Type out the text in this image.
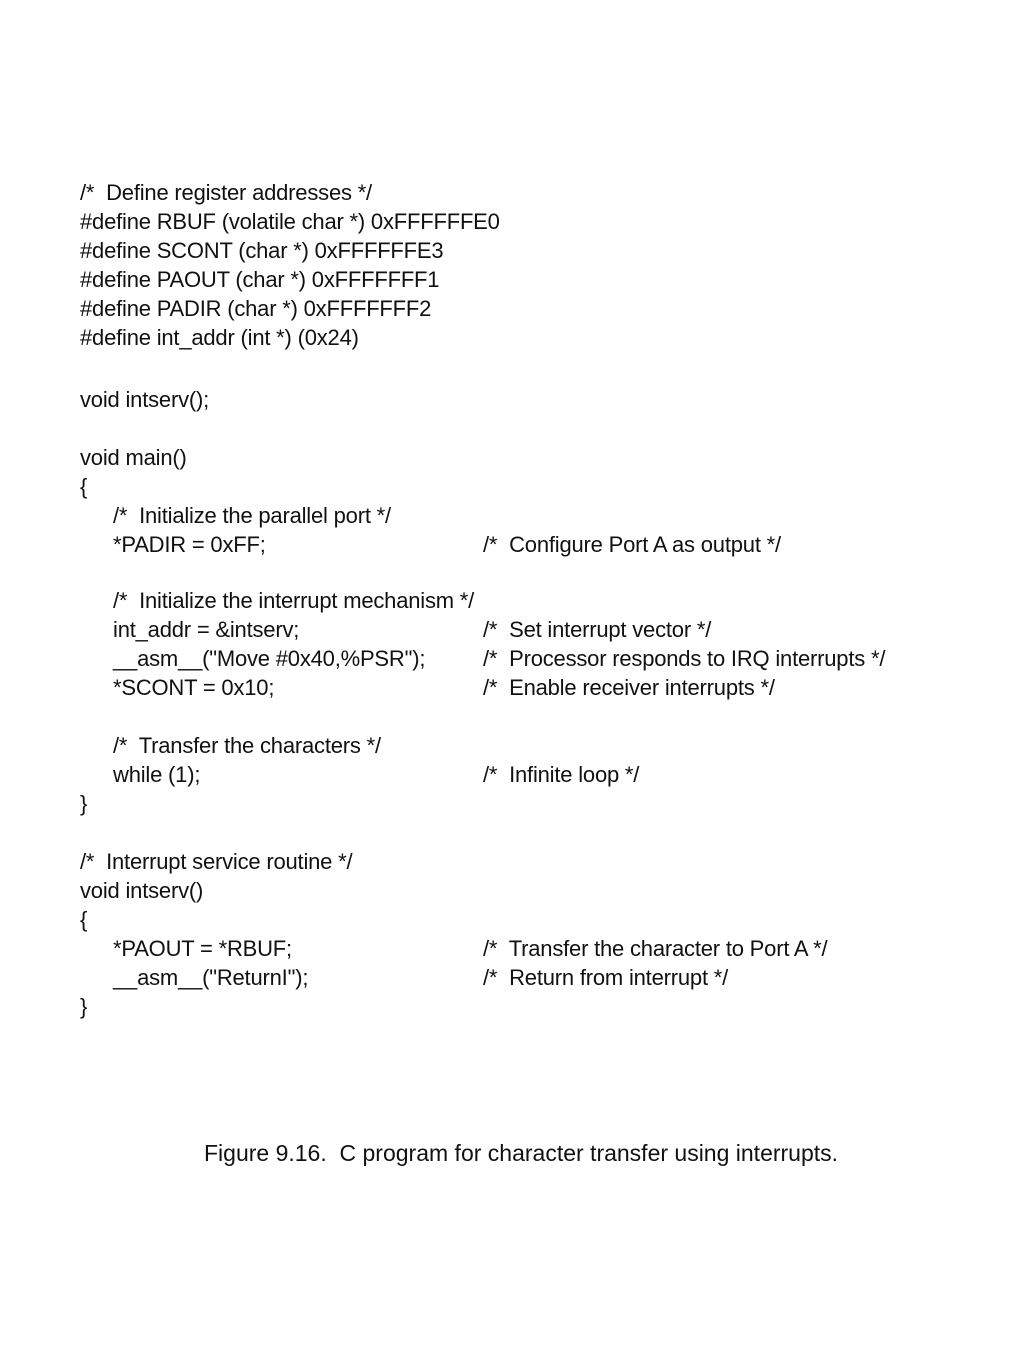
/*  Define register addresses */
#define RBUF (volatile char *) 0xFFFFFFE0
#define SCONT (char *) 0xFFFFFFE3
#define PAOUT (char *) 0xFFFFFFF1
#define PADIR (char *) 0xFFFFFFF2
#define int_addr (int *) (0x24)
void intserv();
void main()
{
/*  Initialize the parallel port */
*PADIR = 0xFF;	/*  Configure Port A as output */
/*  Initialize the interrupt mechanism */
int_addr = &intserv;	/*  Set interrupt vector */
__asm__("Move #0x40,%PSR");	/*  Processor responds to IRQ interrupts */
*SCONT = 0x10;	/*  Enable receiver interrupts */
/*  Transfer the characters */
while (1);	/*  Infinite loop */
}
/*  Interrupt service routine */
void intserv()
{
*PAOUT = *RBUF;	/*  Transfer the character to Port A */
__asm__("ReturnI");	/*  Return from interrupt */
}
Figure 9.16.  C program for character transfer using interrupts.
